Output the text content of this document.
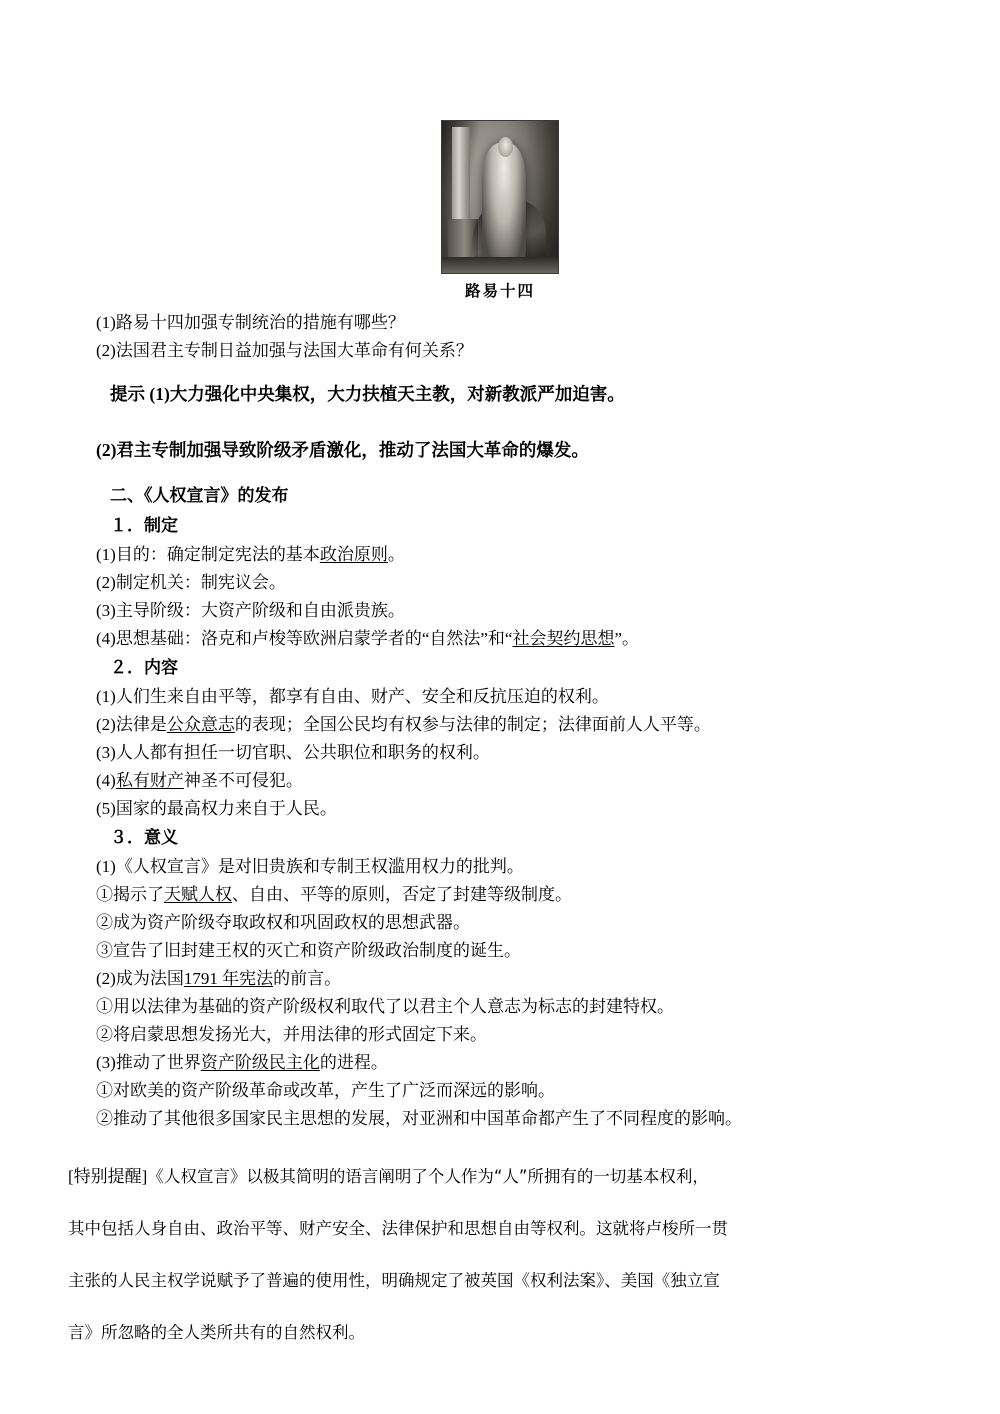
路易十四
(1)路易十四加强专制统治的措施有哪些？
(2)法国君主专制日益加强与法国大革命有何关系？
提示 (1)大力强化中央集权，大力扶植天主教，对新教派严加迫害。
(2)君主专制加强导致阶级矛盾激化，推动了法国大革命的爆发。
二、《人权宣言》的发布
１．制定
(1)目的：确定制定宪法的基本政治原则。
(2)制定机关：制宪议会。
(3)主导阶级：大资产阶级和自由派贵族。
(4)思想基础：洛克和卢梭等欧洲启蒙学者的“自然法”和“社会契约思想”。
２．内容
(1)人们生来自由平等，都享有自由、财产、安全和反抗压迫的权利。
(2)法律是公众意志的表现；全国公民均有权参与法律的制定；法律面前人人平等。
(3)人人都有担任一切官职、公共职位和职务的权利。
(4)私有财产神圣不可侵犯。
(5)国家的最高权力来自于人民。
３．意义
(1)《人权宣言》是对旧贵族和专制王权滥用权力的批判。
①揭示了天赋人权、自由、平等的原则，否定了封建等级制度。
②成为资产阶级夺取政权和巩固政权的思想武器。
③宣告了旧封建王权的灭亡和资产阶级政治制度的诞生。
(2)成为法国1791 年宪法的前言。
①用以法律为基础的资产阶级权利取代了以君主个人意志为标志的封建特权。
②将启蒙思想发扬光大，并用法律的形式固定下来。
(3)推动了世界资产阶级民主化的进程。
①对欧美的资产阶级革命或改革，产生了广泛而深远的影响。
②推动了其他很多国家民主思想的发展，对亚洲和中国革命都产生了不同程度的影响。
[特别提醒]《人权宣言》以极其简明的语言阐明了个人作为“人”所拥有的一切基本权利，
其中包括人身自由、政治平等、财产安全、法律保护和思想自由等权利。这就将卢梭所一贯
主张的人民主权学说赋予了普遍的使用性，明确规定了被英国《权利法案》、美国《独立宣
言》所忽略的全人类所共有的自然权利。
